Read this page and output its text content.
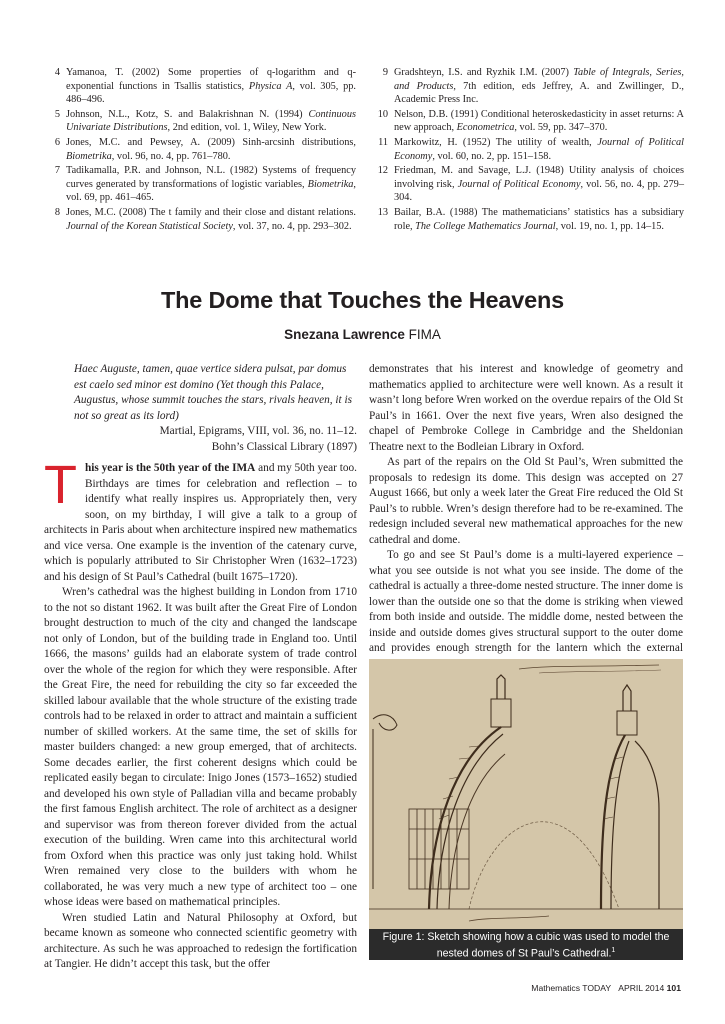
4 Yamanoa, T. (2002) Some properties of q-logarithm and q-exponential functions in Tsallis statistics, Physica A, vol. 305, pp. 486–496.
5 Johnson, N.L., Kotz, S. and Balakrishnan N. (1994) Continuous Univariate Distributions, 2nd edition, vol. 1, Wiley, New York.
6 Jones, M.C. and Pewsey, A. (2009) Sinh-arcsinh distributions, Biometrika, vol. 96, no. 4, pp. 761–780.
7 Tadikamalla, P.R. and Johnson, N.L. (1982) Systems of frequency curves generated by transformations of logistic variables, Biometrika, vol. 69, pp. 461–465.
8 Jones, M.C. (2008) The t family and their close and distant relations. Journal of the Korean Statistical Society, vol. 37, no. 4, pp. 293–302.
9 Gradshteyn, I.S. and Ryzhik I.M. (2007) Table of Integrals, Series, and Products, 7th edition, eds Jeffrey, A. and Zwillinger, D., Academic Press Inc.
10 Nelson, D.B. (1991) Conditional heteroskedasticity in asset returns: A new approach, Econometrica, vol. 59, pp. 347–370.
11 Markowitz, H. (1952) The utility of wealth, Journal of Political Economy, vol. 60, no. 2, pp. 151–158.
12 Friedman, M. and Savage, L.J. (1948) Utility analysis of choices involving risk, Journal of Political Economy, vol. 56, no. 4, pp. 279–304.
13 Bailar, B.A. (1988) The mathematicians’ statistics has a subsidiary role, The College Mathematics Journal, vol. 19, no. 1, pp. 14–15.
The Dome that Touches the Heavens
Snezana Lawrence FIMA

Haec Auguste, tamen, quae vertice sidera pulsat, par domus est caelo sed minor est domino (Yet though this Palace, Augustus, whose summit touches the stars, rivals heaven, it is not so great as its lord)

Martial, Epigrams, VIII, vol. 36, no. 11–12.

Bohn’s Classical Library (1897)

This year is the 50th year of the IMA and my 50th year too. Birthdays are times for celebration and reflection – to identify what really inspires us. Appropriately then, very soon, on my birthday, I will give a talk to a group of architects in Paris about when architecture inspired new mathematics and vice versa. One example is the invention of the catenary curve, which is popularly attributed to Sir Christopher Wren (1632–1723) and his design of St Paul’s Cathedral (built 1675–1720).

Wren’s cathedral was the highest building in London from 1710 to the not so distant 1962. It was built after the Great Fire of London brought destruction to much of the city and changed the landscape not only of London, but of the building trade in England too. Until 1666, the masons’ guilds had an elaborate system of trade control over the whole of the region for which they were responsible. After the Great Fire, the need for rebuilding the city so far exceeded the skilled labour available that the whole structure of the existing trade controls had to be relaxed in order to attract and maintain a sufficient number of skilled workers. At the same time, the set of skills for master builders changed: a new group emerged, that of architects. Some decades earlier, the first coherent designs which could be replicated easily began to circulate: Inigo Jones (1573–1652) studied and developed his own style of Palladian villa and became probably the first famous English architect. The role of architect as a designer and supervisor was from thereon forever divided from the actual execution of the building. Wren came into this architectural world from Oxford when this practice was only just taking hold. Whilst Wren remained very close to the builders with whom he collaborated, he was very much a new type of architect too – one whose ideas were based on mathematical principles.

Wren studied Latin and Natural Philosophy at Oxford, but became known as someone who connected scientific geometry with architecture. As such he was approached to redesign the fortification at Tangier. He didn’t accept this task, but the offer

demonstrates that his interest and knowledge of geometry and mathematics applied to architecture were well known. As a result it wasn’t long before Wren worked on the overdue repairs of the Old St Paul’s in 1661. Over the next five years, Wren also designed the chapel of Pembroke College in Cambridge and the Sheldonian Theatre next to the Bodleian Library in Oxford.

As part of the repairs on the Old St Paul’s, Wren submitted the proposals to redesign its dome. This design was accepted on 27 August 1666, but only a week later the Great Fire reduced the Old St Paul’s to rubble. Wren’s design therefore had to be re-examined. The redesign included several new mathematical approaches for the new cathedral and dome.

To go and see St Paul’s dome is a multi-layered experience – what you see outside is not what you see inside. The dome of the cathedral is actually a three-dome nested structure. The inner dome is lower than the outside one so that the dome is striking when viewed from both inside and outside. The middle dome, nested between the inside and outside domes gives structural support to the outer dome and provides enough strength for the lantern which the external

Figure 1: Sketch showing how a cubic was used to model the nested domes of St Paul’s Cathedral.$^1$
Mathematics TODAY APRIL 2014 101
